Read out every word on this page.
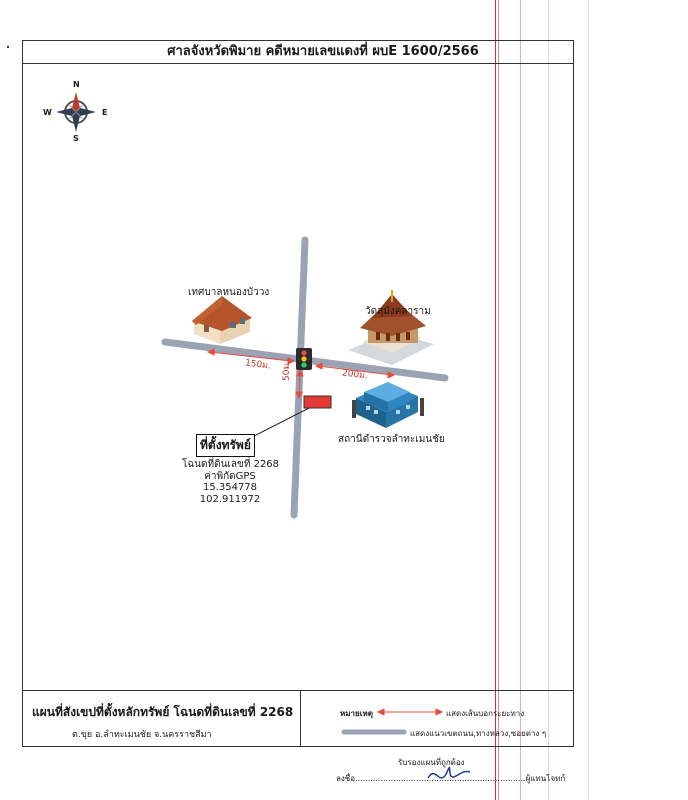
ศาลจังหวัดพิมาย คดีหมายเลขแดงที่ ผบE 1600/2566
N
S
E
W
เทศบาลหนองบัววง
วัดสุมังคลาราม
สถานีตำรวจลำทะเมนชัย
150ม.
200ม.
50ม.
ที่ตั้งทรัพย์
โฉนดที่ดินเลขที่ 2268
ค่าพิกัดGPS
15.354778
102.911972
แผนที่สังเขปที่ตั้งหลักทรัพย์ โฉนดที่ดินเลขที่ 2268
ต.ขุย อ.ลำทะเมนชัย จ.นครราชสีมา
หมายเหตุ	แสดงเส้นบอกระยะทาง
แสดงแนวเขตถนน,ทางหลวง,ซอยต่าง ๆ
รับรองแผนที่ถูกต้อง
ลงชื่อ......................................................
.........................ผู้แทนโจทก์
